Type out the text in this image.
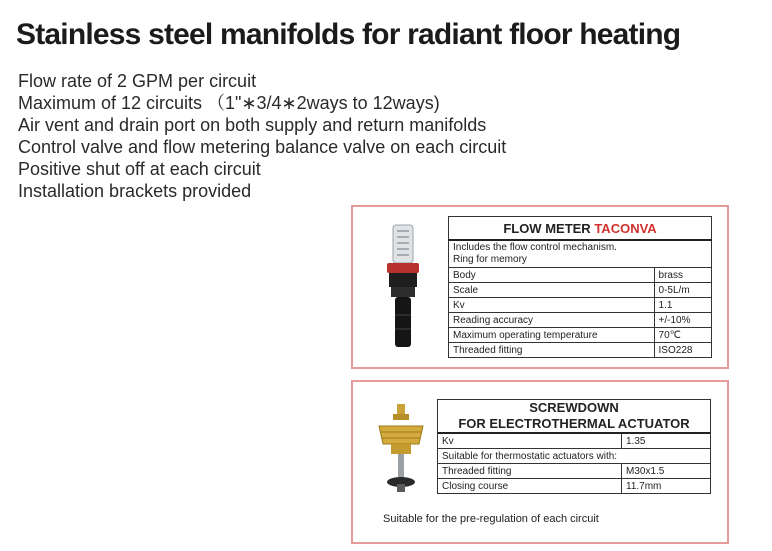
Stainless steel manifolds for radiant floor heating
Flow rate of 2 GPM per circuit
Maximum of 12 circuits （1"∗3/4∗2ways to 12ways)
Air vent and drain port on both supply and return manifolds
Control valve and flow metering balance valve on each circuit
Positive shut off at each circuit
Installation brackets provided
FLOW METER TACONVA	

Includes the flow control mechanism.
Ring for memory	

Body	brass
Scale	0-5L/m
Kv	1.1
Reading accuracy	+/-10%
Maximum operating temperature	70℃
Threaded fitting	ISO228
SCREWDOWN
FOR ELECTROTHERMAL ACTUATOR	

Kv	1.35
Suitable for thermostatic actuators with:	
Threaded fitting	M30x1.5
Closing course	11.7mm
Suitable for the pre-regulation of each circuit
